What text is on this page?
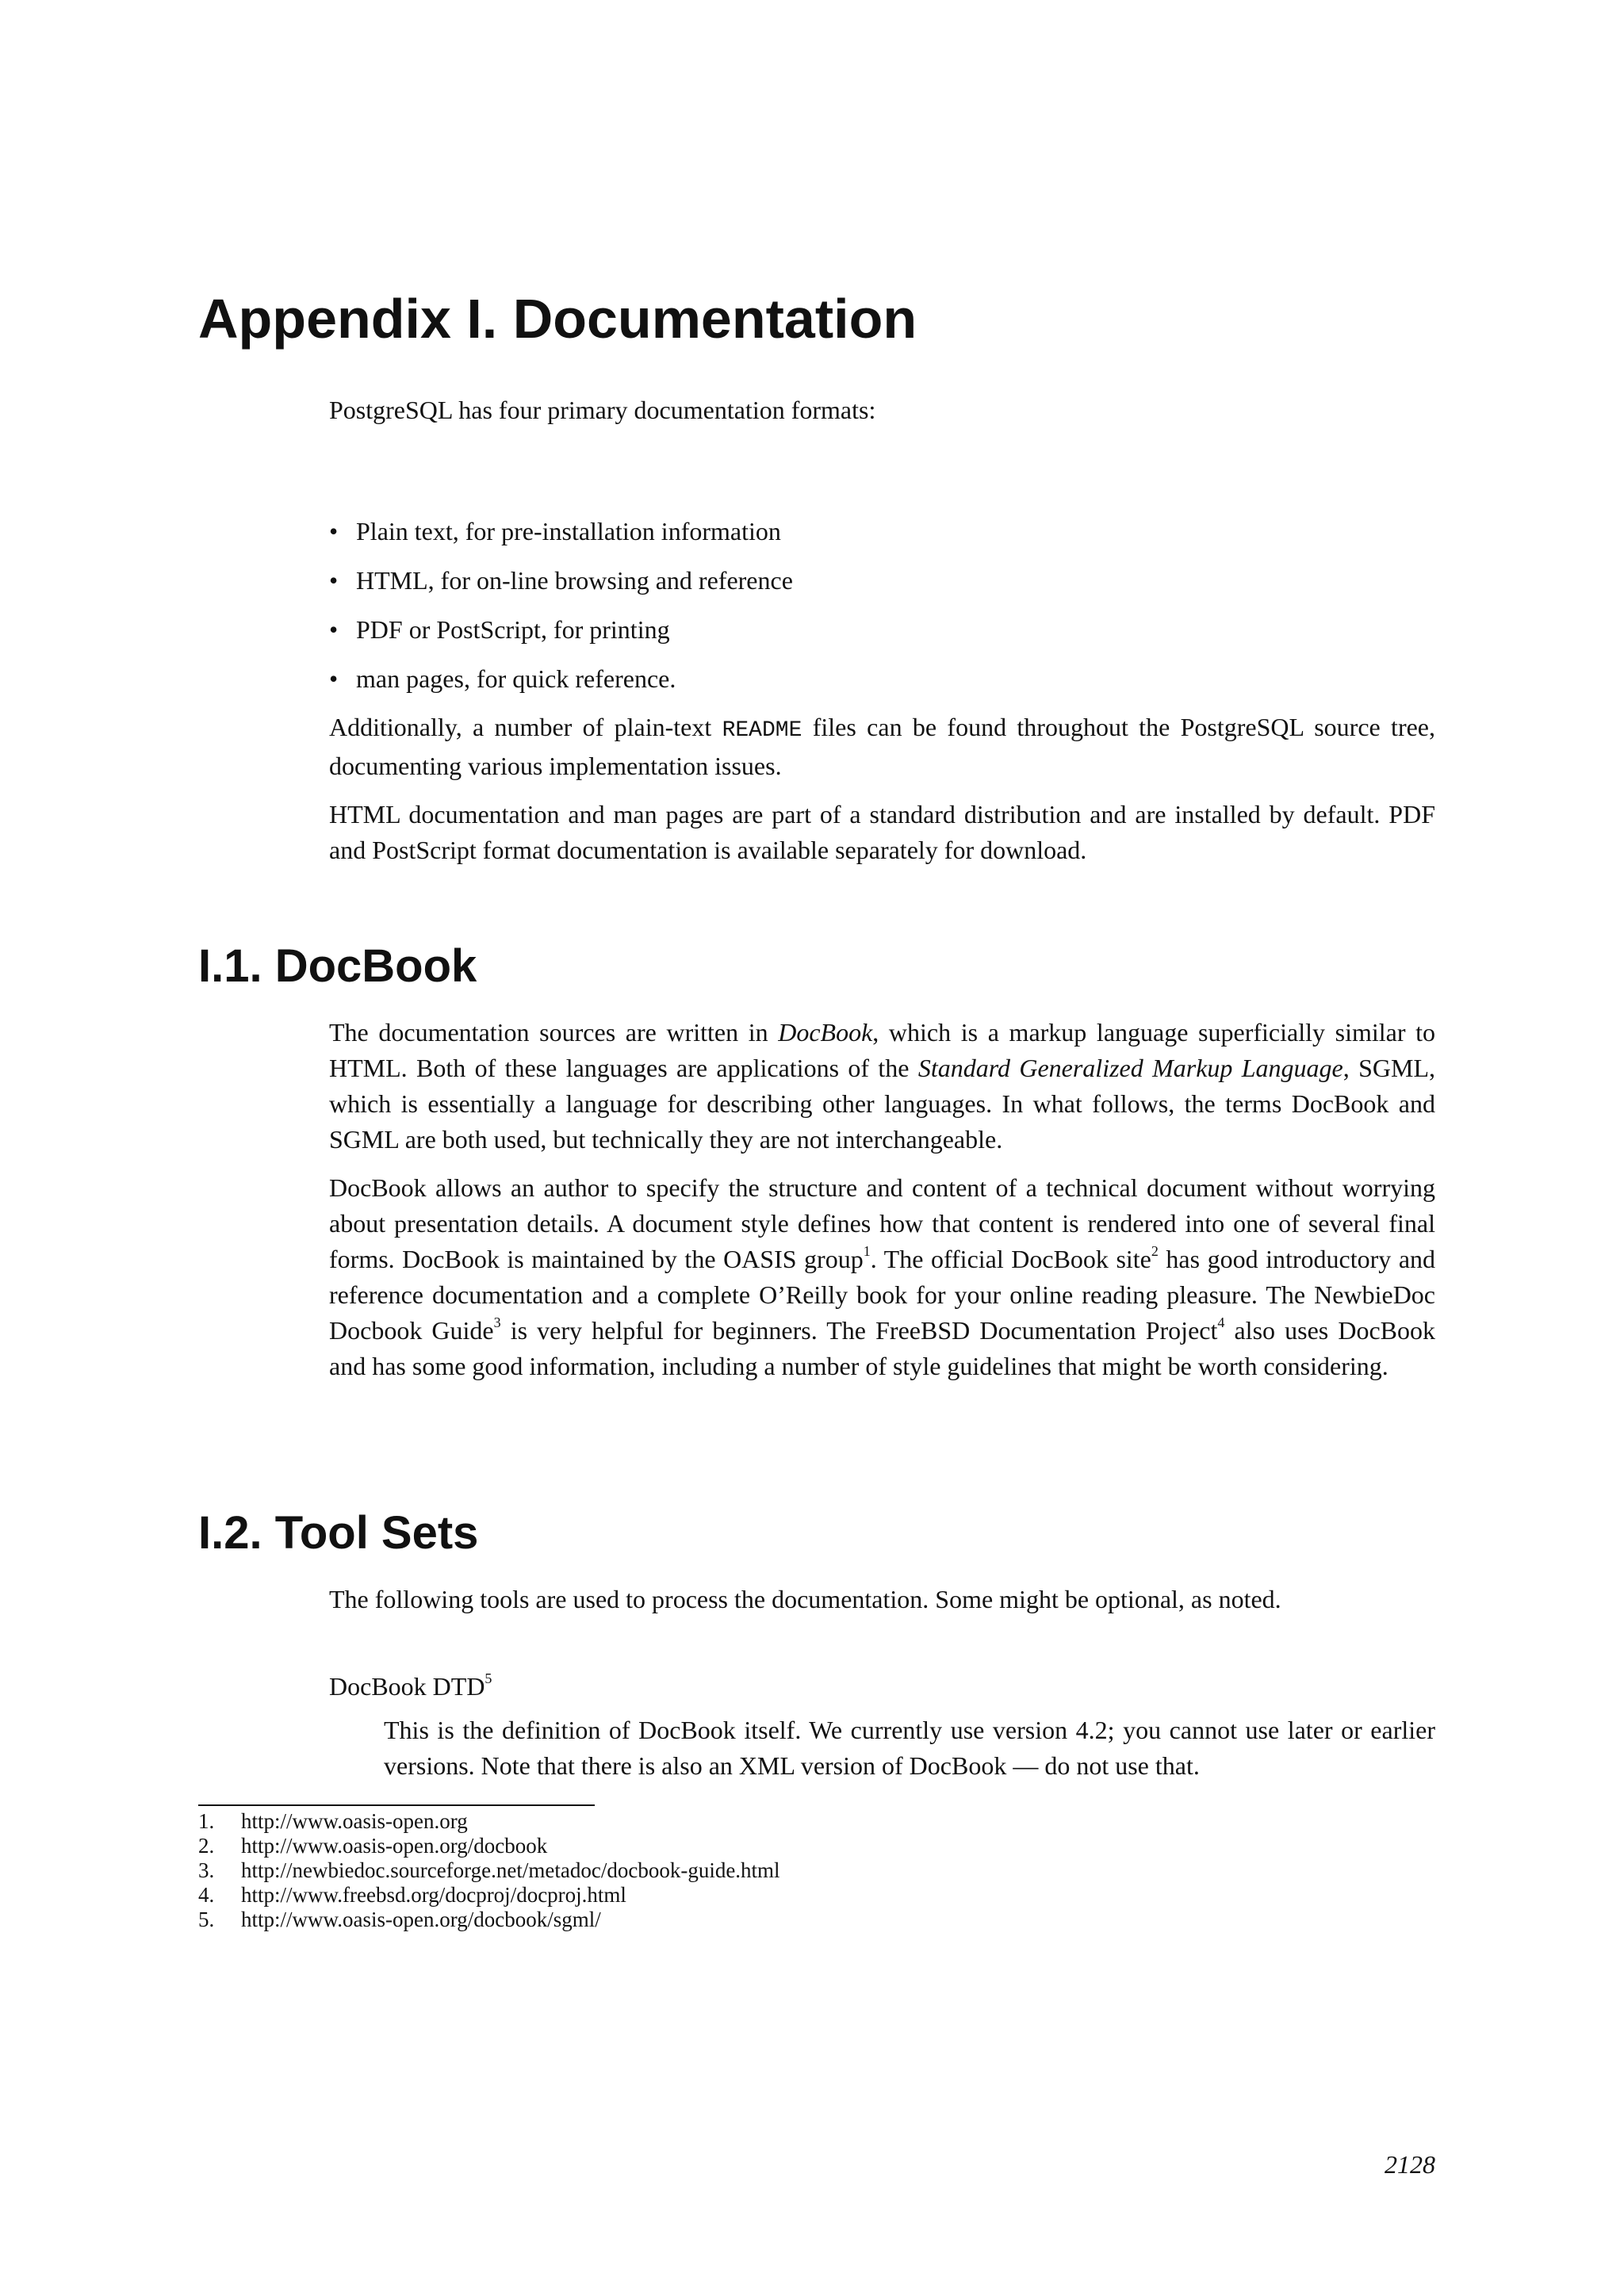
Appendix I. Documentation

PostgreSQL has four primary documentation formats:

• Plain text, for pre-installation information
• HTML, for on-line browsing and reference
• PDF or PostScript, for printing
• man pages, for quick reference.

Additionally, a number of plain-text README files can be found throughout the PostgreSQL source tree, documenting various implementation issues.

HTML documentation and man pages are part of a standard distribution and are installed by default. PDF and PostScript format documentation is available separately for download.

I.1. DocBook

The documentation sources are written in DocBook, which is a markup language superficially similar to HTML. Both of these languages are applications of the Standard Generalized Markup Language, SGML, which is essentially a language for describing other languages. In what follows, the terms DocBook and SGML are both used, but technically they are not interchangeable.

DocBook allows an author to specify the structure and content of a technical document without worrying about presentation details. A document style defines how that content is rendered into one of several final forms. DocBook is maintained by the OASIS group$^1$. The official DocBook site$^2$ has good introductory and reference documentation and a complete O’Reilly book for your online reading pleasure. The NewbieDoc Docbook Guide$^3$ is very helpful for beginners. The FreeBSD Documentation Project$^4$ also uses DocBook and has some good information, including a number of style guidelines that might be worth considering.

I.2. Tool Sets

The following tools are used to process the documentation. Some might be optional, as noted.

DocBook DTD$^5$

This is the definition of DocBook itself. We currently use version 4.2; you cannot use later or earlier versions. Note that there is also an XML version of DocBook — do not use that.

1.	http://www.oasis-open.org
2.	http://www.oasis-open.org/docbook
3.	http://newbiedoc.sourceforge.net/metadoc/docbook-guide.html
4.	http://www.freebsd.org/docproj/docproj.html
5.	http://www.oasis-open.org/docbook/sgml/
2128
